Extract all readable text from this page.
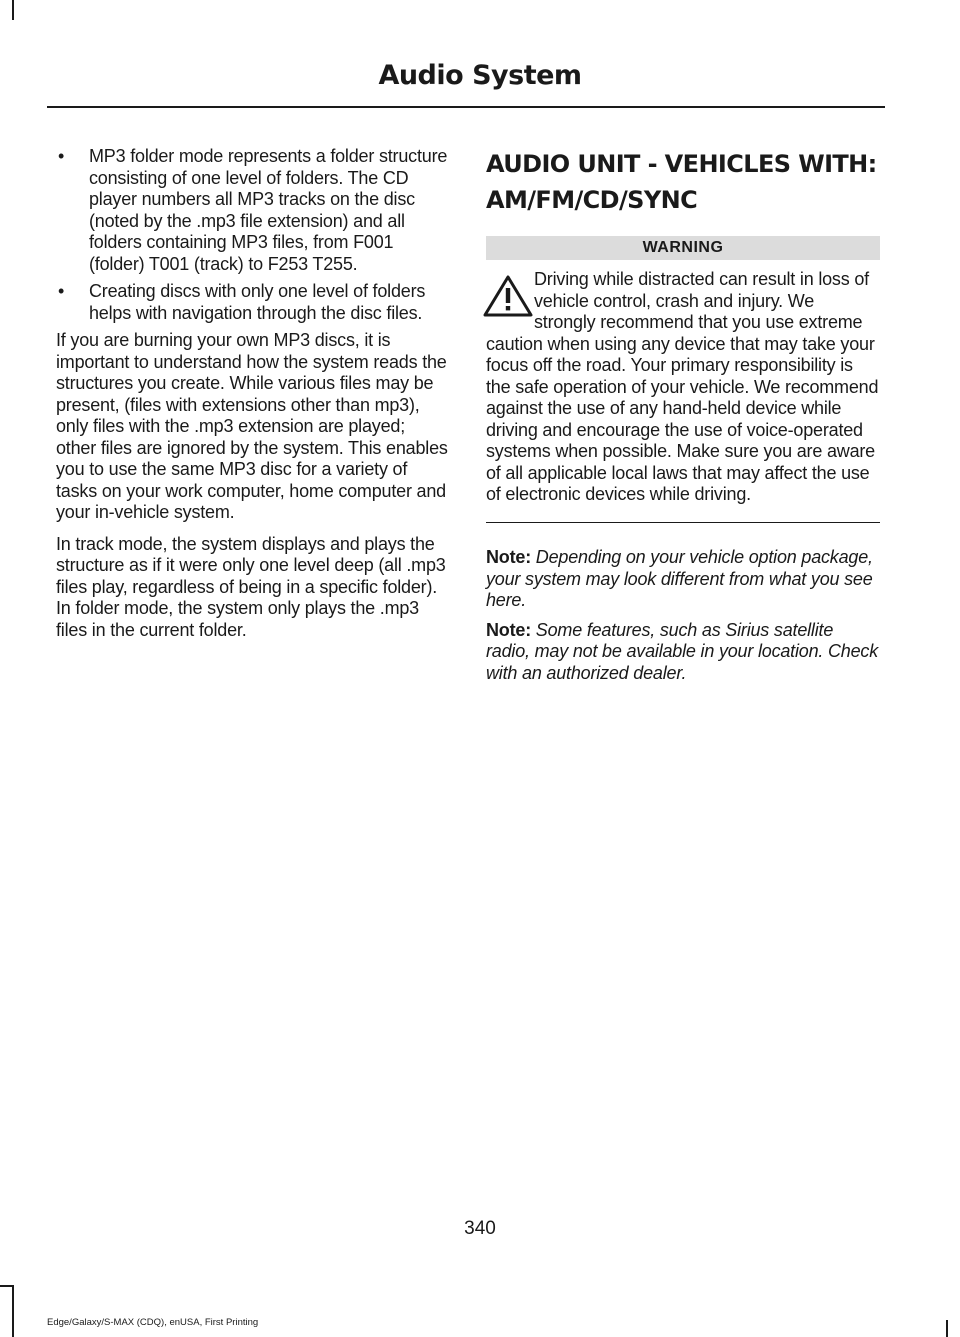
Audio System
• MP3 folder mode represents a folder structure consisting of one level of folders. The CD player numbers all MP3 tracks on the disc (noted by the .mp3 file extension) and all folders containing MP3 files, from F001 (folder) T001 (track) to F253 T255.
• Creating discs with only one level of folders helps with navigation through the disc files.

If you are burning your own MP3 discs, it is important to understand how the system reads the structures you create. While various files may be present, (files with extensions other than mp3), only files with the .mp3 extension are played; other files are ignored by the system. This enables you to use the same MP3 disc for a variety of tasks on your work computer, home computer and your in-vehicle system.

In track mode, the system displays and plays the structure as if it were only one level deep (all .mp3 files play, regardless of being in a specific folder). In folder mode, the system only plays the .mp3 files in the current folder.

AUDIO UNIT - VEHICLES WITH:
AM/FM/CD/SYNC
WARNING
Driving while distracted can result in loss of vehicle control, crash and injury. We strongly recommend that you use extreme caution when using any device that may take your focus off the road. Your primary responsibility is the safe operation of your vehicle. We recommend against the use of any hand-held device while driving and encourage the use of voice-operated systems when possible. Make sure you are aware of all applicable local laws that may affect the use of electronic devices while driving.

Note: Depending on your vehicle option package, your system may look different from what you see here.

Note: Some features, such as Sirius satellite radio, may not be available in your location. Check with an authorized dealer.

340
Edge/Galaxy/S-MAX (CDQ), enUSA, First Printing
